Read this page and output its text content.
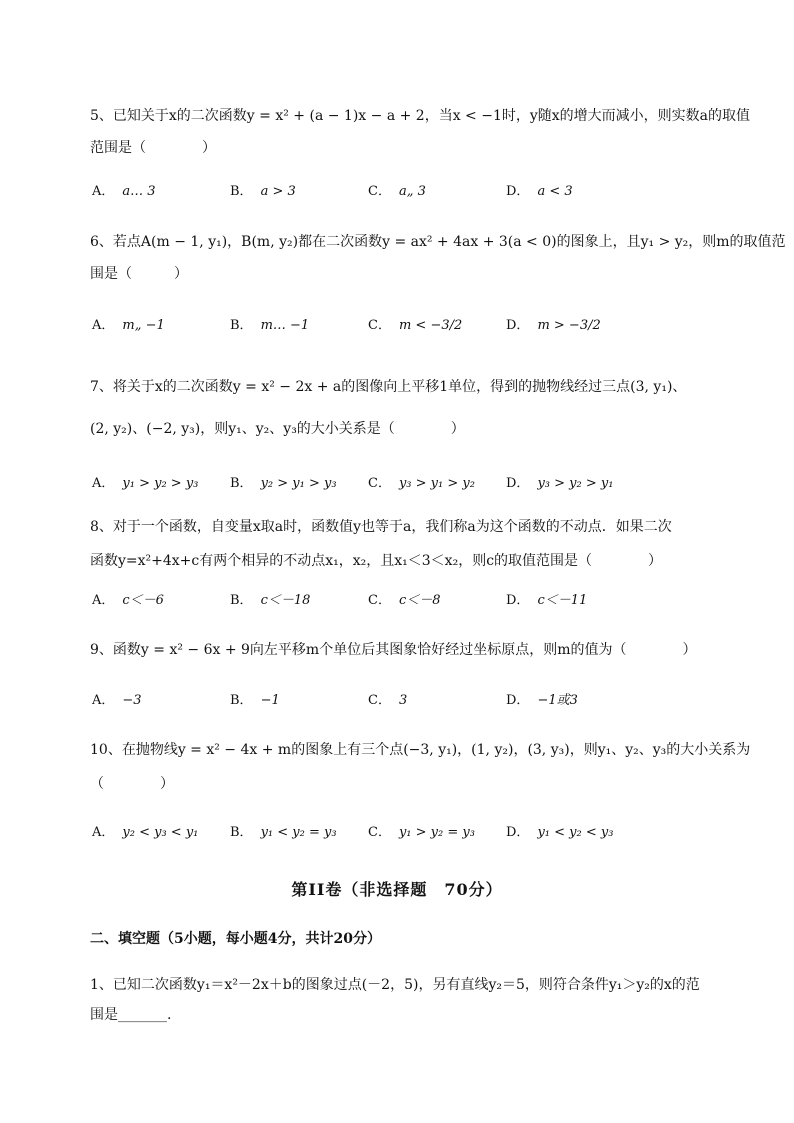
5、已知关于x的二次函数y = x² + (a − 1)x − a + 2，当x < −1时，y随x的增大而减小，则实数a的取值
范围是（　　　　）
A． a… 3	B． a > 3	C． a„ 3	D． a < 3
6、若点A(m − 1, y₁)，B(m, y₂)都在二次函数y = ax² + 4ax + 3(a < 0)的图象上，且y₁ > y₂，则m的取值范
围是（　　　）
A． m„ −1	B． m… −1	C． m < −3/2	D． m > −3/2
7、将关于x的二次函数y = x² − 2x + a的图像向上平移1单位，得到的抛物线经过三点(3, y₁)、
(2, y₂)、(−2, y₃)，则y₁、y₂、y₃的大小关系是（　　　　）
A． y₁ > y₂ > y₃ B． y₂ > y₁ > y₃ C． y₃ > y₁ > y₂ D． y₃ > y₂ > y₁
8、对于一个函数，自变量x取a时，函数值y也等于a，我们称a为这个函数的不动点．如果二次
函数y=x²+4x+c有两个相异的不动点x₁，x₂，且x₁＜3＜x₂，则c的取值范围是（　　　　）
A． c＜－6	B． c＜－18	C． c＜－8	D． c＜－11
9、函数y = x² − 6x + 9向左平移m个单位后其图象恰好经过坐标原点，则m的值为（　　　　）
A． −3	B． −1	C． 3	D． −1或3
10、在抛物线y = x² − 4x + m的图象上有三个点(−3, y₁)，(1, y₂)，(3, y₃)，则y₁、y₂、y₃的大小关系为
（　　　　）
A． y₂ < y₃ < y₁ B． y₁ < y₂ = y₃ C． y₁ > y₂ = y₃ D． y₁ < y₂ < y₃
第II卷（非选择题　70分）
二、填空题（5小题，每小题4分，共计20分）
1、已知二次函数y₁＝x²－2x＋b的图象过点(－2，5)，另有直线y₂＝5，则符合条件y₁＞y₂的x的范
围是_______.
